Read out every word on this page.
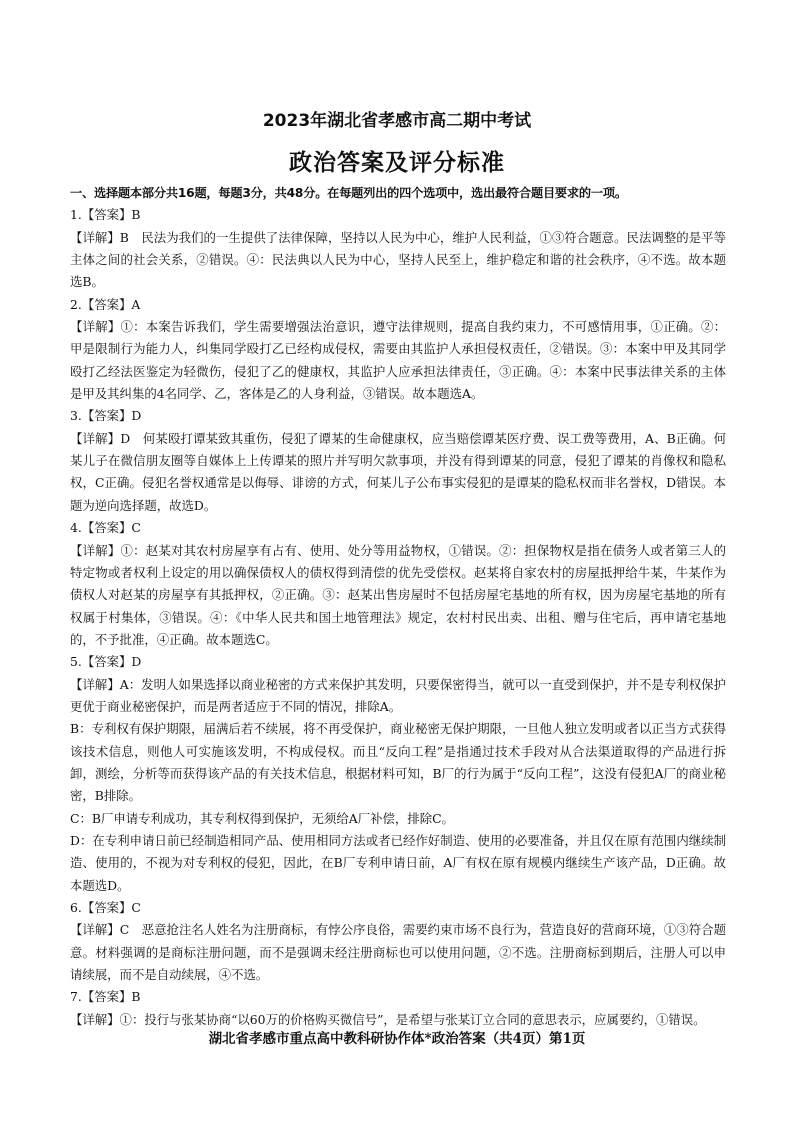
2023年湖北省孝感市高二期中考试
政治答案及评分标准

一、选择题本部分共16题，每题3分，共48分。在每题列出的四个选项中，选出最符合题目要求的一项。

1.【答案】B

【详解】B　民法为我们的一生提供了法律保障，坚持以人民为中心，维护人民利益，①③符合题意。民法调整的是平等主体之间的社会关系，②错误。④：民法典以人民为中心，坚持人民至上，维护稳定和谐的社会秩序，④不选。故本题选B。

2.【答案】A

【详解】①：本案告诉我们，学生需要增强法治意识，遵守法律规则，提高自我约束力，不可感情用事，①正确。②：甲是限制行为能力人，纠集同学殴打乙已经构成侵权，需要由其监护人承担侵权责任，②错误。③：本案中甲及其同学殴打乙经法医鉴定为轻微伤，侵犯了乙的健康权，其监护人应承担法律责任，③正确。④：本案中民事法律关系的主体是甲及其纠集的4名同学、乙，客体是乙的人身利益，③错误。故本题选A。

3.【答案】D

【详解】D　何某殴打谭某致其重伤，侵犯了谭某的生命健康权，应当赔偿谭某医疗费、误工费等费用，A、B正确。何某儿子在微信朋友圈等自媒体上上传谭某的照片并写明欠款事项，并没有得到谭某的同意，侵犯了谭某的肖像权和隐私权，C正确。侵犯名誉权通常是以侮辱、诽谤的方式，何某儿子公布事实侵犯的是谭某的隐私权而非名誉权，D错误。本题为逆向选择题，故选D。

4.【答案】C

【详解】①：赵某对其农村房屋享有占有、使用、处分等用益物权，①错误。②：担保物权是指在债务人或者第三人的特定物或者权利上设定的用以确保债权人的债权得到清偿的优先受偿权。赵某将自家农村的房屋抵押给牛某，牛某作为债权人对赵某的房屋享有其抵押权，②正确。③：赵某出售房屋时不包括房屋宅基地的所有权，因为房屋宅基地的所有权属于村集体，③错误。④：《中华人民共和国土地管理法》规定，农村村民出卖、出租、赠与住宅后，再申请宅基地的，不予批准，④正确。故本题选C。

5.【答案】D

【详解】A：发明人如果选择以商业秘密的方式来保护其发明，只要保密得当，就可以一直受到保护，并不是专利权保护更优于商业秘密保护，而是两者适应于不同的情况，排除A。

B：专利权有保护期限，届满后若不续展，将不再受保护，商业秘密无保护期限，一旦他人独立发明或者以正当方式获得该技术信息，则他人可实施该发明，不构成侵权。而且“反向工程”是指通过技术手段对从合法渠道取得的产品进行拆卸，测绘，分析等而获得该产品的有关技术信息，根据材料可知，B厂的行为属于“反向工程”，这没有侵犯A厂的商业秘密，B排除。

C：B厂申请专利成功，其专利权得到保护，无须给A厂补偿，排除C。

D：在专利申请日前已经制造相同产品、使用相同方法或者已经作好制造、使用的必要准备，并且仅在原有范围内继续制造、使用的，不视为对专利权的侵犯，因此，在B厂专利申请日前，A厂有权在原有规模内继续生产该产品，D正确。故本题选D。

6.【答案】C

【详解】C　恶意抢注名人姓名为注册商标，有悖公序良俗，需要约束市场不良行为，营造良好的营商环境，①③符合题意。材料强调的是商标注册问题，而不是强调未经注册商标也可以使用问题，②不选。注册商标到期后，注册人可以申请续展，而不是自动续展，④不选。

7.【答案】B

【详解】①：投行与张某协商“以60万的价格购买微信号”，是希望与张某订立合同的意思表示，应属要约，①错误。

湖北省孝感市重点高中教科研协作体*政治答案（共4页）第1页
